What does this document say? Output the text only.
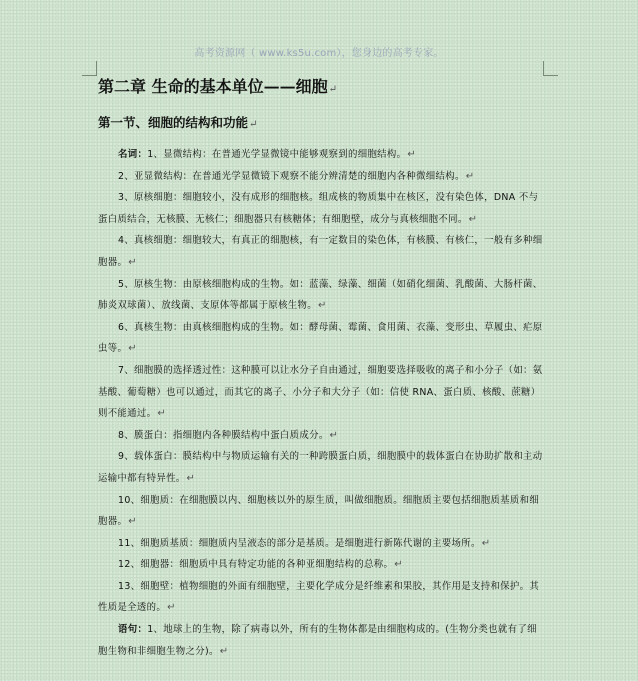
高考资源网（ www.ks5u.com），您身边的高考专家。
第二章 生命的基本单位——细胞↵
第一节、细胞的结构和功能↵

名词：1、显微结构：在普通光学显微镜中能够观察到的细胞结构。↵

2、亚显微结构：在普通光学显微镜下观察不能分辨清楚的细胞内各种微细结构。↵

3、原核细胞：细胞较小，没有成形的细胞核。组成核的物质集中在核区，没有染色体，DNA 不与蛋白质结合，无核膜、无核仁；细胞器只有核糖体；有细胞壁，成分与真核细胞不同。↵

4、真核细胞：细胞较大，有真正的细胞核，有一定数目的染色体，有核膜、有核仁，一般有多种细胞器。↵

5、原核生物：由原核细胞构成的生物。如：蓝藻、绿藻、细菌（如硝化细菌、乳酸菌、大肠杆菌、肺炎双球菌）、放线菌、支原体等都属于原核生物。↵

6、真核生物：由真核细胞构成的生物。如：酵母菌、霉菌、食用菌、衣藻、变形虫、草履虫、疟原虫等。↵

7、细胞膜的选择透过性：这种膜可以让水分子自由通过，细胞要选择吸收的离子和小分子（如：氨基酸、葡萄糖）也可以通过，而其它的离子、小分子和大分子（如：信使 RNA、蛋白质、核酸、蔗糖）则不能通过。↵

8、膜蛋白：指细胞内各种膜结构中蛋白质成分。↵

9、载体蛋白：膜结构中与物质运输有关的一种跨膜蛋白质，细胞膜中的载体蛋白在协助扩散和主动运输中都有特异性。↵

10、细胞质：在细胞膜以内、细胞核以外的原生质，叫做细胞质。细胞质主要包括细胞质基质和细胞器。↵

11、细胞质基质：细胞质内呈液态的部分是基质。是细胞进行新陈代谢的主要场所。↵

12、细胞器：细胞质中具有特定功能的各种亚细胞结构的总称。↵

13、细胞壁：植物细胞的外面有细胞壁，主要化学成分是纤维素和果胶，其作用是支持和保护。其性质是全透的。↵

语句：1、地球上的生物，除了病毒以外，所有的生物体都是由细胞构成的。(生物分类也就有了细胞生物和非细胞生物之分)。↵
